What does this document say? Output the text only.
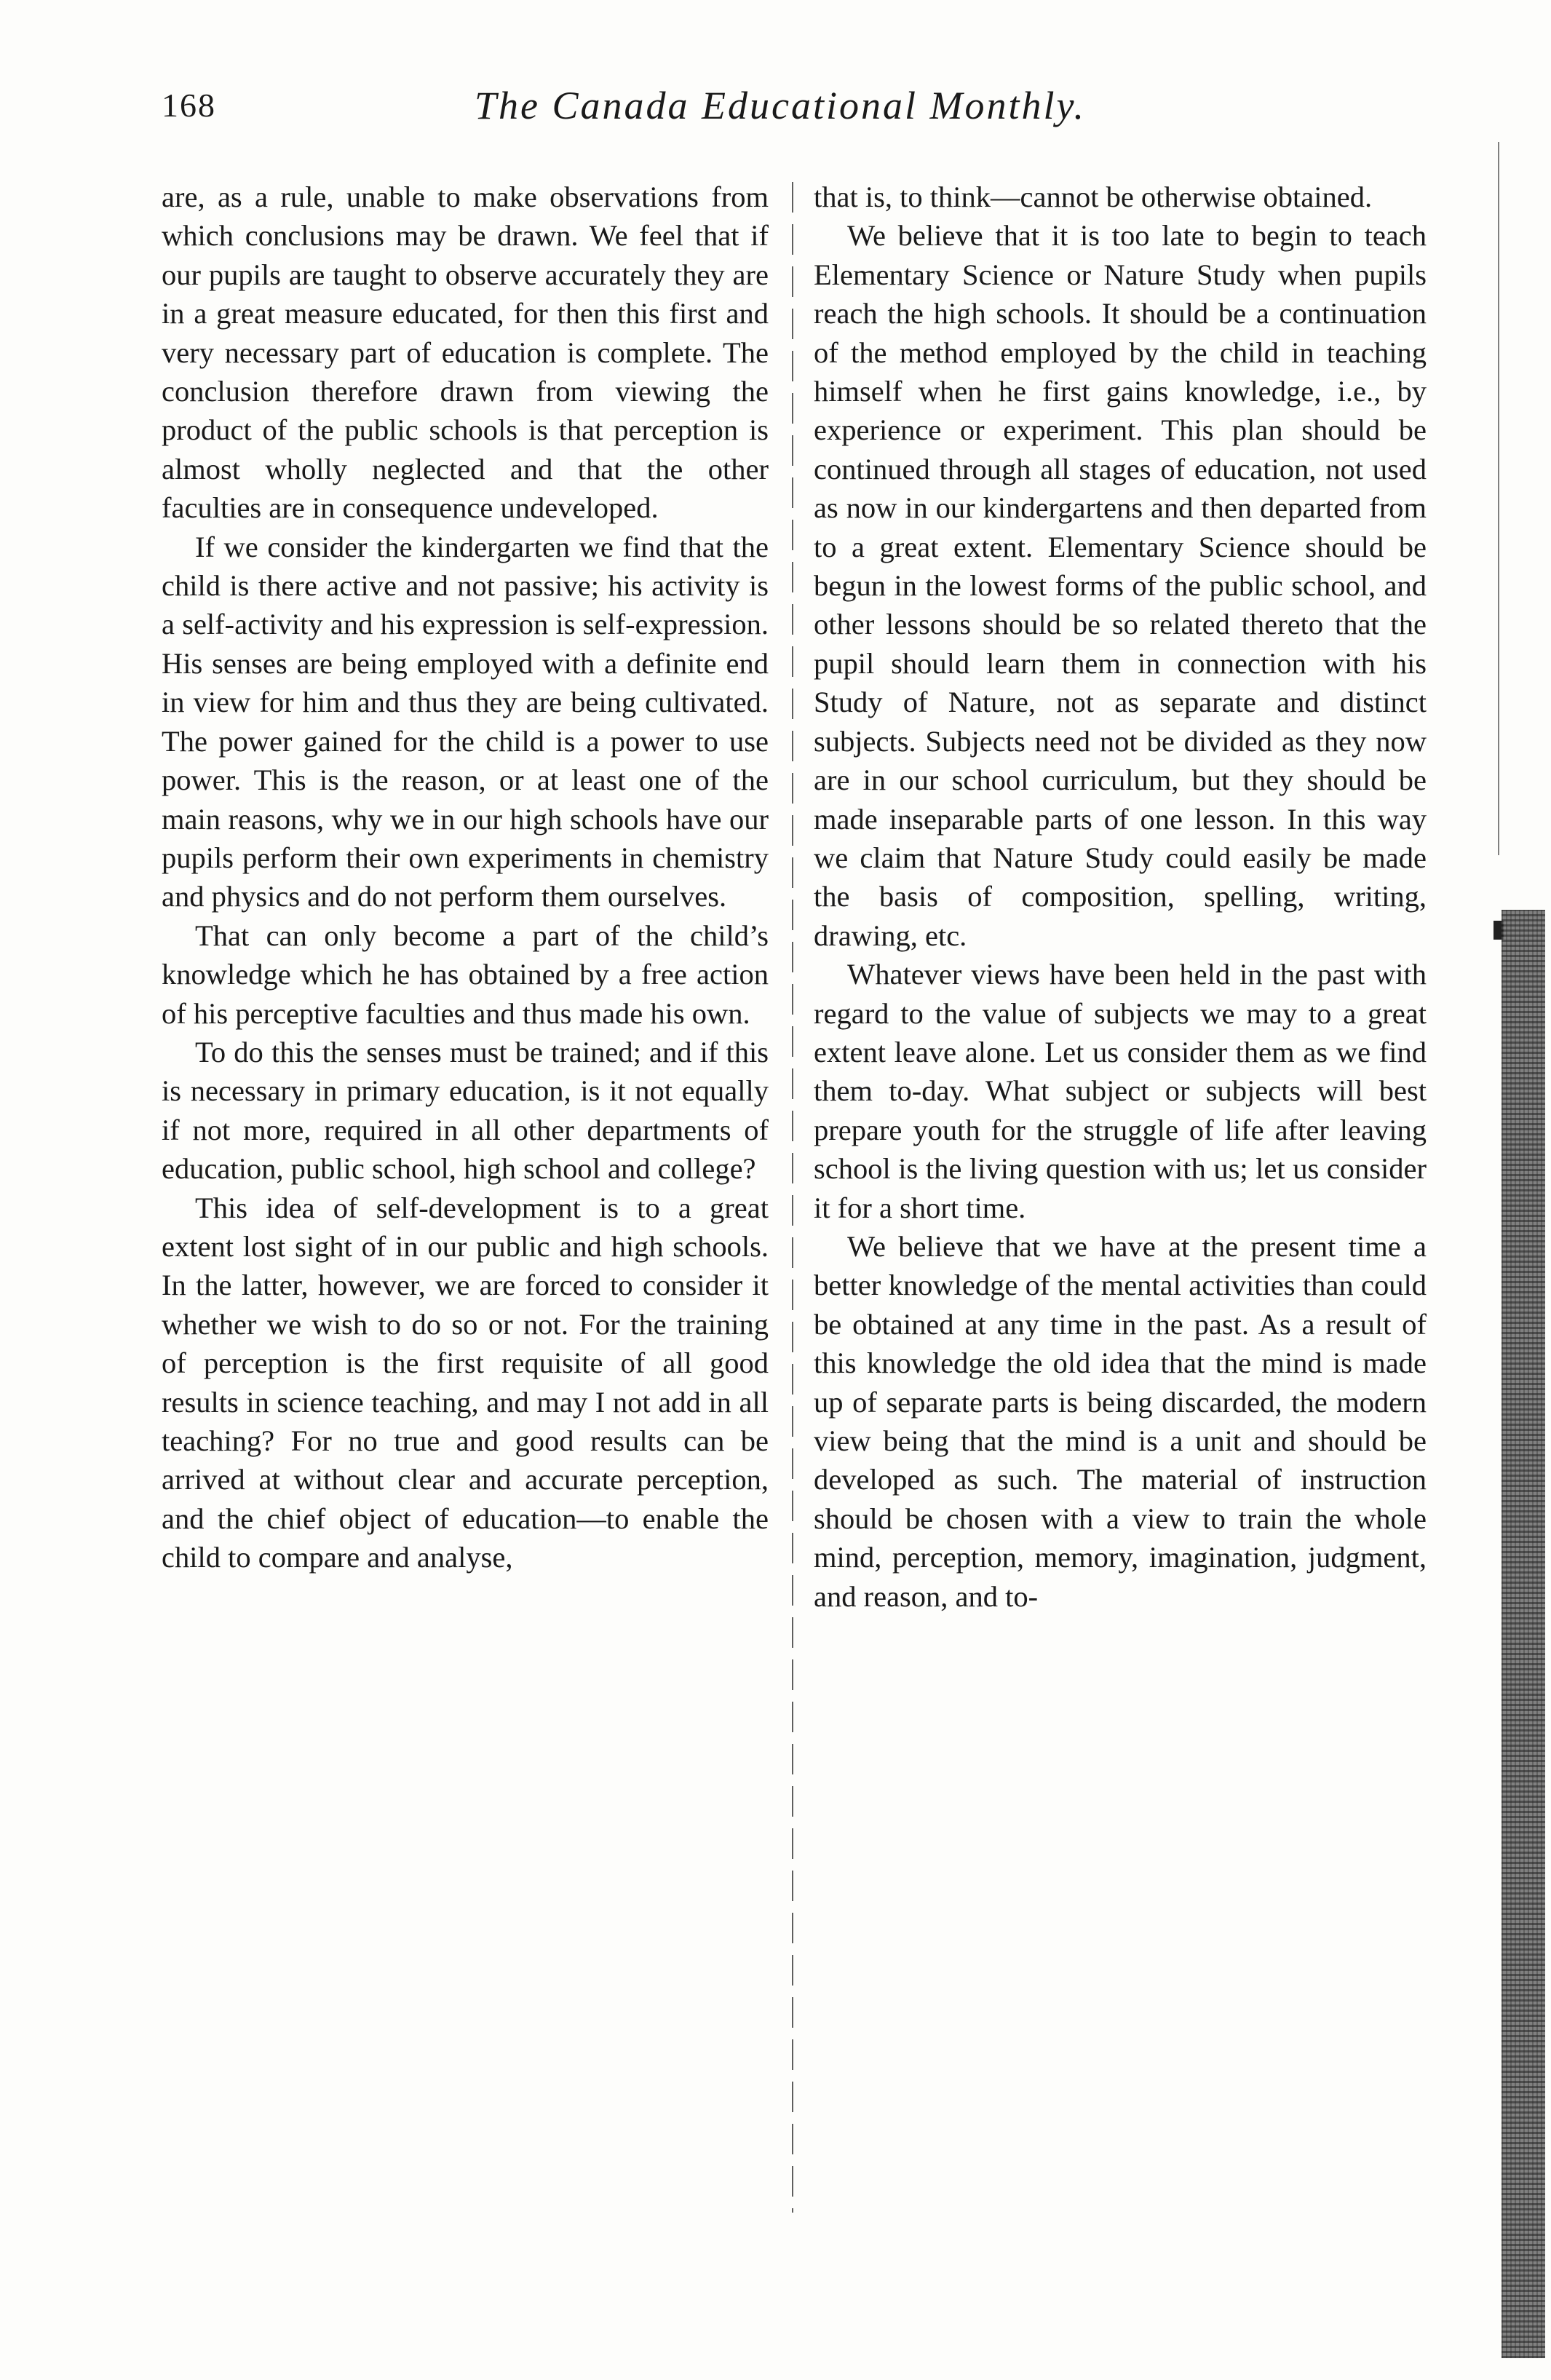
168	The Canada Educational Monthly.

are, as a rule, unable to make observations from which conclusions may be drawn. We feel that if our pupils are taught to observe accurately they are in a great measure educated, for then this first and very necessary part of education is complete. The conclusion therefore drawn from viewing the product of the public schools is that perception is almost wholly neglected and that the other faculties are in consequence undeveloped.

If we consider the kindergarten we find that the child is there active and not passive; his activity is a self-activity and his expression is self-expression. His senses are being employed with a definite end in view for him and thus they are being cultivated. The power gained for the child is a power to use power. This is the reason, or at least one of the main reasons, why we in our high schools have our pupils perform their own experiments in chemistry and physics and do not perform them ourselves.

That can only become a part of the child’s knowledge which he has obtained by a free action of his perceptive faculties and thus made his own.

To do this the senses must be trained; and if this is necessary in primary education, is it not equally if not more, required in all other departments of education, public school, high school and college?

This idea of self-development is to a great extent lost sight of in our public and high schools. In the latter, however, we are forced to consider it whether we wish to do so or not. For the training of perception is the first requisite of all good results in science teaching, and may I not add in all teaching? For no true and good results can be arrived at without clear and accurate perception, and the chief object of education—to enable the child to compare and analyse,

that is, to think—cannot be otherwise obtained.

We believe that it is too late to begin to teach Elementary Science or Nature Study when pupils reach the high schools. It should be a continuation of the method employed by the child in teaching himself when he first gains knowledge, i.e., by experience or experiment. This plan should be continued through all stages of education, not used as now in our kindergartens and then departed from to a great extent. Elementary Science should be begun in the lowest forms of the public school, and other lessons should be so related thereto that the pupil should learn them in connection with his Study of Nature, not as separate and distinct subjects. Subjects need not be divided as they now are in our school curriculum, but they should be made inseparable parts of one lesson. In this way we claim that Nature Study could easily be made the basis of composition, spelling, writing, drawing, etc.

Whatever views have been held in the past with regard to the value of subjects we may to a great extent leave alone. Let us consider them as we find them to-day. What subject or subjects will best prepare youth for the struggle of life after leaving school is the living question with us; let us consider it for a short time.

We believe that we have at the present time a better knowledge of the mental activities than could be obtained at any time in the past. As a result of this knowledge the old idea that the mind is made up of separate parts is being discarded, the modern view being that the mind is a unit and should be developed as such. The material of instruction should be chosen with a view to train the whole mind, perception, memory, imagination, judgment, and reason, and to-
